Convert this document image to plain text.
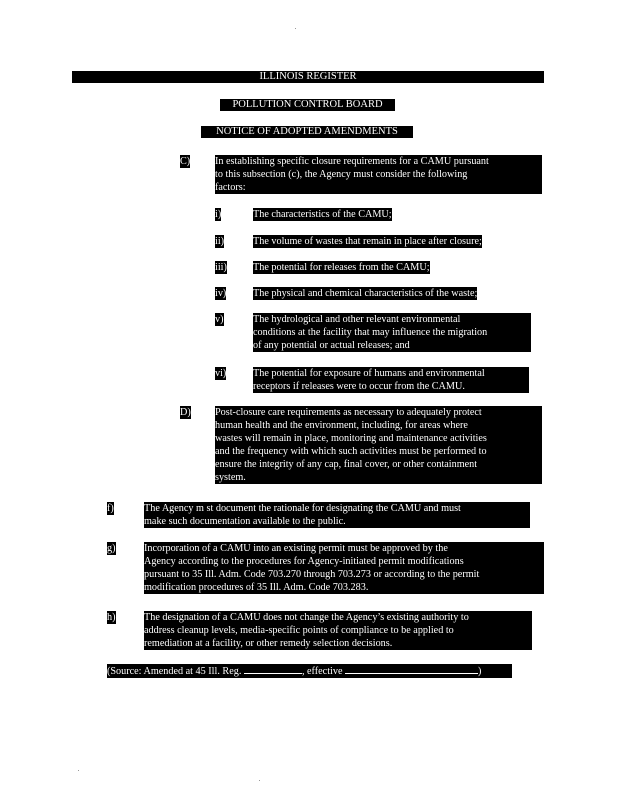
ILLINOIS REGISTER
POLLUTION CONTROL BOARD
NOTICE OF ADOPTED AMENDMENTS
C) In establishing specific closure requirements for a CAMU pursuant
to this subsection (c), the Agency must consider the following
factors:
i)	The characteristics of the CAMU;
ii)	The volume of wastes that remain in place after closure;
iii)	The potential for releases from the CAMU;
iv)	The physical and chemical characteristics of the waste;
v)	The hydrological and other relevant environmental
conditions at the facility that may influence the migration
of any potential or actual releases; and
vi)	The potential for exposure of humans and environmental
receptors if releases were to occur from the CAMU.
D) Post-closure care requirements as necessary to adequately protect
human health and the environment, including, for areas where
wastes will remain in place, monitoring and maintenance activities
and the frequency with which such activities must be performed to
ensure the integrity of any cap, final cover, or other containment
system.
f)	The Agency m st document the rationale for designating the CAMU and must
make such documentation available to the public.
g)	Incorporation of a CAMU into an existing permit must be approved by the
Agency according to the procedures for Agency-initiated permit modifications
pursuant to 35 Ill. Adm. Code 703.270 through 703.273 or according to the permit
modification procedures of 35 Ill. Adm. Code 703.283.
h)	The designation of a CAMU does not change the Agency’s existing authority to
address cleanup levels, media-specific points of compliance to be applied to
remediation at a facility, or other remedy selection decisions.
(Source: Amended at 45 Ill. Reg.	, effective	)
